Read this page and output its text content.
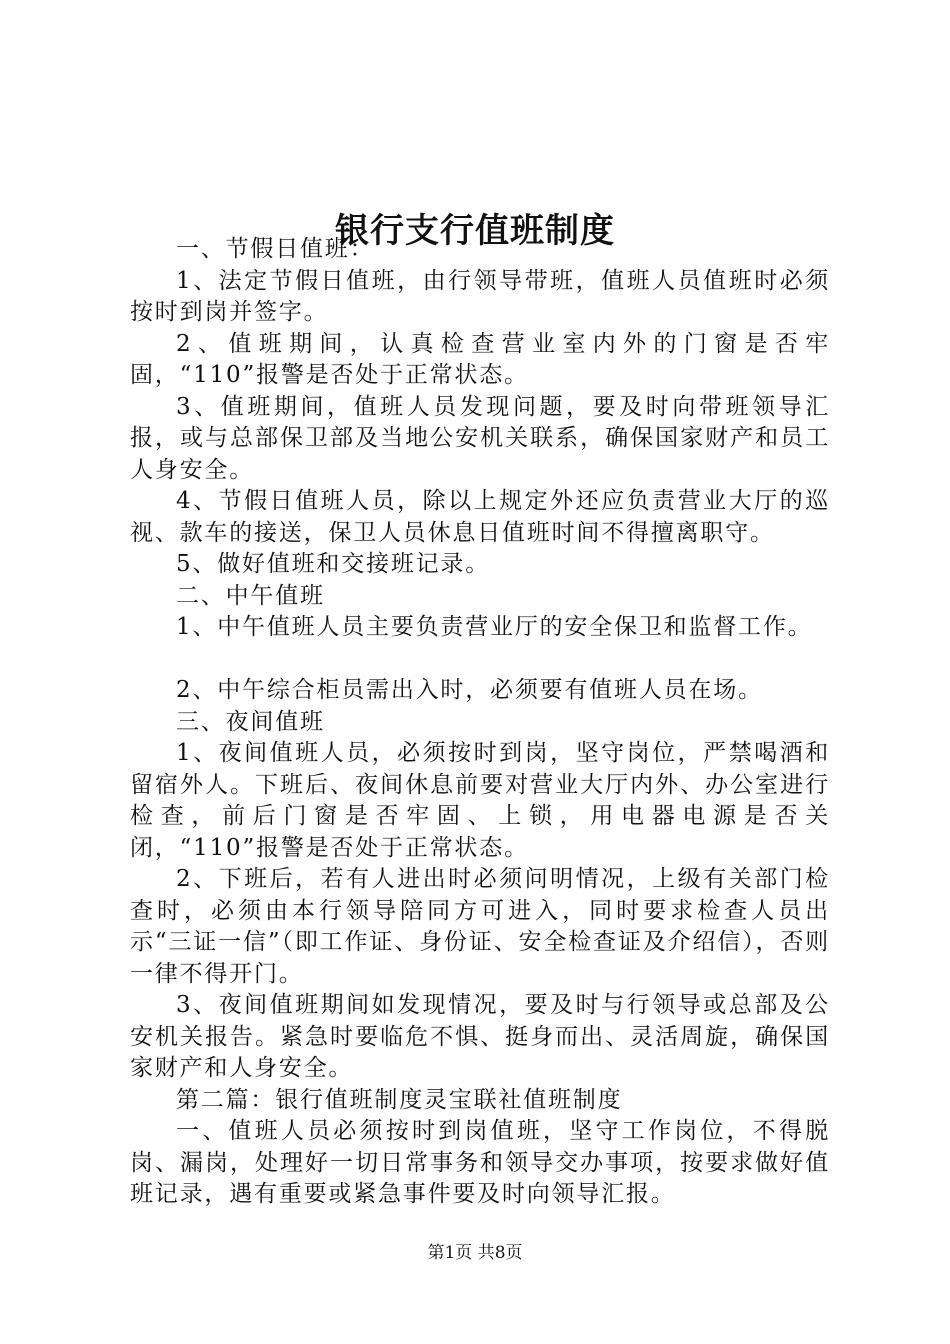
银行支行值班制度

一、节假日值班：

1、法定节假日值班，由行领导带班，值班人员值班时必须按时到岗并签字。

2、值班期间，认真检查营业室内外的门窗是否牢固，“110”报警是否处于正常状态。

3、值班期间，值班人员发现问题，要及时向带班领导汇报，或与总部保卫部及当地公安机关联系，确保国家财产和员工人身安全。

4、节假日值班人员，除以上规定外还应负责营业大厅的巡视、款车的接送，保卫人员休息日值班时间不得擅离职守。

5、做好值班和交接班记录。

二、中午值班

1、中午值班人员主要负责营业厅的安全保卫和监督工作。

2、中午综合柜员需出入时，必须要有值班人员在场。

三、夜间值班

1、夜间值班人员，必须按时到岗，坚守岗位，严禁喝酒和留宿外人。下班后、夜间休息前要对营业大厅内外、办公室进行检查，前后门窗是否牢固、上锁，用电器电源是否关闭，“110”报警是否处于正常状态。

2、下班后，若有人进出时必须问明情况，上级有关部门检查时，必须由本行领导陪同方可进入，同时要求检查人员出示“三证一信”（即工作证、身份证、安全检查证及介绍信），否则一律不得开门。

3、夜间值班期间如发现情况，要及时与行领导或总部及公安机关报告。紧急时要临危不惧、挺身而出、灵活周旋，确保国家财产和人身安全。

第二篇：银行值班制度灵宝联社值班制度

一、值班人员必须按时到岗值班，坚守工作岗位，不得脱岗、漏岗，处理好一切日常事务和领导交办事项，按要求做好值班记录，遇有重要或紧急事件要及时向领导汇报。

第1页 共8页
